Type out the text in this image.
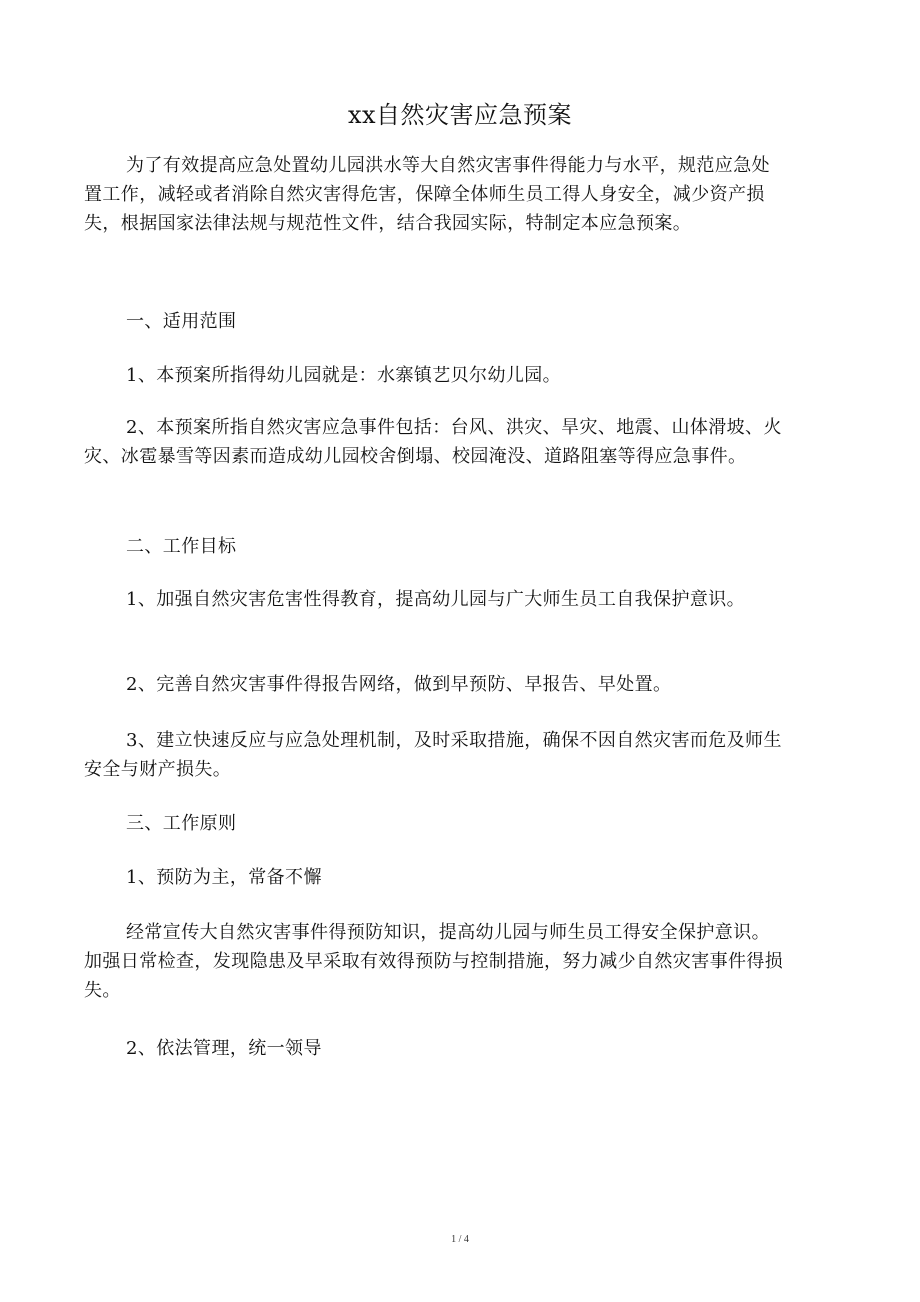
xx自然灾害应急预案

为了有效提高应急处置幼儿园洪水等大自然灾害事件得能力与水平，规范应急处置工作，减轻或者消除自然灾害得危害，保障全体师生员工得人身安全，减少资产损失，根据国家法律法规与规范性文件，结合我园实际，特制定本应急预案。

一、适用范围

1、本预案所指得幼儿园就是：水寨镇艺贝尔幼儿园。

2、本预案所指自然灾害应急事件包括：台风、洪灾、旱灾、地震、山体滑坡、火灾、冰雹暴雪等因素而造成幼儿园校舍倒塌、校园淹没、道路阻塞等得应急事件。

二、工作目标

1、加强自然灾害危害性得教育，提高幼儿园与广大师生员工自我保护意识。

2、完善自然灾害事件得报告网络，做到早预防、早报告、早处置。

3、建立快速反应与应急处理机制，及时采取措施，确保不因自然灾害而危及师生安全与财产损失。

三、工作原则

1、预防为主，常备不懈

经常宣传大自然灾害事件得预防知识，提高幼儿园与师生员工得安全保护意识。加强日常检查，发现隐患及早采取有效得预防与控制措施，努力减少自然灾害事件得损失。

2、依法管理，统一领导

1 / 4
